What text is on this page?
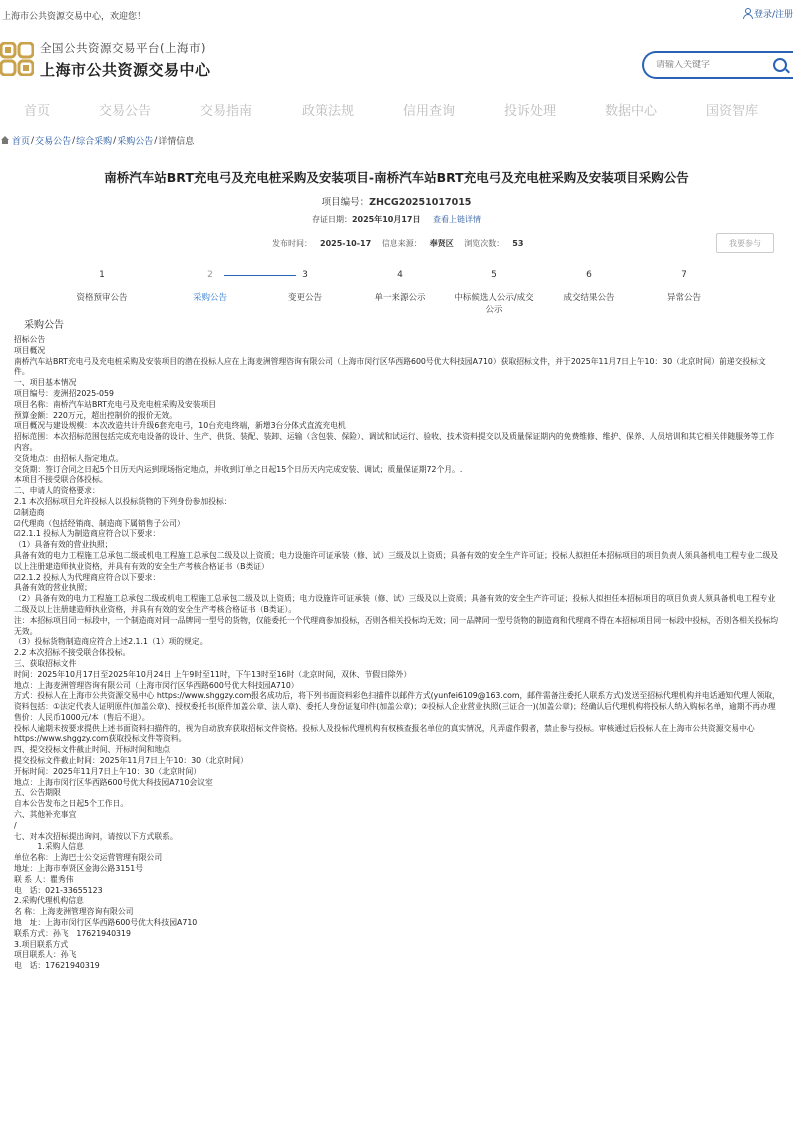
上海市公共资源交易中心，欢迎您！	登录/注册
全国公共资源交易平台(上海市)
上海市公共资源交易中心
请输入关键字
首页	交易公告	交易指南	政策法规	信用查询	投诉处理	数据中心	国资智库
首页 / 交易公告 / 综合采购 / 采购公告 / 详情信息
南桥汽车站BRT充电弓及充电桩采购及安装项目-南桥汽车站BRT充电弓及充电桩采购及安装项目采购公告
项目编号：ZHCG20251017015
存证日期：2025年10月17日 查看上链详情
发布时间： 2025-10-17 信息来源： 奉贤区 浏览次数： 53	我要参与
1
资格预审公告
2
采购公告
3
变更公告
4
单一来源公示
5
中标候选人公示/成交公示
6
成交结果公告
7
异常公告
采购公告
招标公告
项目概况
南桥汽车站BRT充电弓及充电桩采购及安装项目的潜在投标人应在上海麦洲管理咨询有限公司（上海市闵行区华西路600号优大科技园A710）获取招标文件，并于2025年11月7日上午10：30（北京时间）前递交投标文件。
一、项目基本情况
项目编号：麦洲招2025-059
项目名称：南桥汽车站BRT充电弓及充电桩采购及安装项目
预算金额：220万元，超出控制价的报价无效。
项目概况与建设规模：本次改造共计升级6套充电弓，10台充电终端，新增3台分体式直流充电机
招标范围：本次招标范围包括完成充电设备的设计、生产、供货、装配、装卸、运输（含包装、保险）、调试和试运行、验收、技术资料提交以及质量保证期内的免费维修、维护、保养、人员培训和其它相关伴随服务等工作内容。
交货地点：由招标人指定地点。
交货期：签订合同之日起5个日历天内运到现场指定地点，并收到订单之日起15个日历天内完成安装、调试；质量保证期72个月。.
本项目不接受联合体投标。
二、申请人的资格要求：
2.1 本次招标项目允许投标人以投标货物的下列身份参加投标：
☑制造商
☑代理商（包括经销商、制造商下属销售子公司）
☑2.1.1 投标人为制造商应符合以下要求：
（1）具备有效的营业执照；
具备有效的电力工程施工总承包二级或机电工程施工总承包二级及以上资质；电力设施许可证承装（修、试）三级及以上资质；具备有效的安全生产许可证；投标人拟担任本招标项目的项目负责人须具备机电工程专业二级及以上注册建造师执业资格，并具有有效的安全生产考核合格证书（B类证）
☑2.1.2 投标人为代理商应符合以下要求：
具备有效的营业执照；
（2）具备有效的电力工程施工总承包二级或机电工程施工总承包二级及以上资质；电力设施许可证承装（修、试）三级及以上资质；具备有效的安全生产许可证；投标人拟担任本招标项目的项目负责人须具备机电工程专业二级及以上注册建造师执业资格，并具有有效的安全生产考核合格证书（B类证）。
注：本招标项目同一标段中，一个制造商对同一品牌同一型号的货物，仅能委托一个代理商参加投标，否则各相关投标均无效；同一品牌同一型号货物的制造商和代理商不得在本招标项目同一标段中投标，否则各相关投标均无效。
（3）投标货物制造商应符合上述2.1.1（1）项的规定。
2.2 本次招标不接受联合体投标。
三、获取招标文件
时间：2025年10月17日至2025年10月24日 上午9时至11时，下午13时至16时（北京时间，双休、节假日除外）
地点：上海麦洲管理咨询有限公司（上海市闵行区华西路600号优大科技园A710）
方式：投标人在上海市公共资源交易中心 https://www.shggzy.com报名成功后，将下列书面资料彩色扫描件以邮件方式(yunfei6109@163.com，邮件需备注委托人联系方式)发送至招标代理机构并电话通知代理人领取，资料包括：①法定代表人证明原件(加盖公章)、授权委托书(原件加盖公章、法人章)、委托人身份证复印件(加盖公章)；②投标人企业营业执照(三证合一)(加盖公章)；经确认后代理机构将投标人纳入购标名单，逾期不再办理
售价：人民币1000元/本（售后不退）。
投标人逾期未按要求提供上述书面资料扫描件的，视为自动放弃获取招标文件资格。投标人及投标代理机构有权核查报名单位的真实情况，凡弄虚作假者，禁止参与投标。审核通过后投标人在上海市公共资源交易中心 https://www.shggzy.com获取投标文件等资料。
四、提交投标文件截止时间、开标时间和地点
提交投标文件截止时间：2025年11月7日上午10：30（北京时间）
开标时间：2025年11月7日上午10：30（北京时间）
地点：上海市闵行区华西路600号优大科技园A710会议室
五、公告期限
自本公告发布之日起5个工作日。
六、其他补充事宜
/
七、对本次招标提出询问，请按以下方式联系。
　　　1.采购人信息
单位名称：上海巴士公交运营管理有限公司
地址：上海市奉贤区金海公路3151号
联 系 人：瞿秀伟
电　话：021-33655123
2.采购代理机构信息
名 称：上海麦洲管理咨询有限公司
地　址：上海市闵行区华西路600号优大科技园A710
联系方式：孙飞　17621940319
3.项目联系方式
项目联系人：孙飞
电　话：17621940319
